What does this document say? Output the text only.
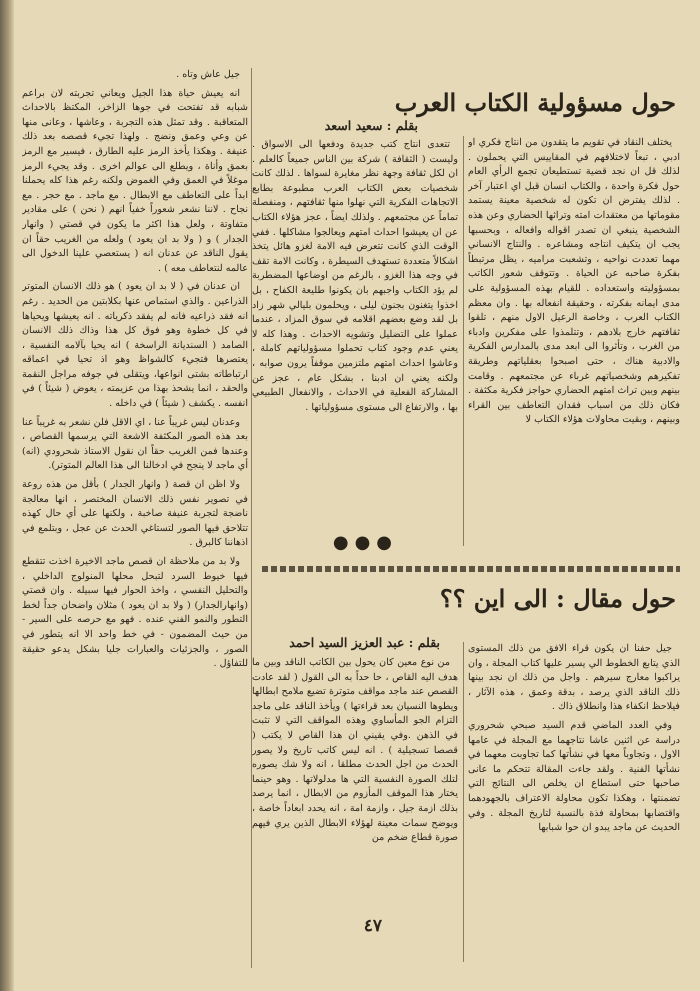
حول مسؤولية الكتاب العرب

يختلف النقاد في تقويم ما يتقدون من انتاج فكري او ادبي ، تبعاً لاختلافهم في المقاييس التي يحملون . لذلك قل ان نجد قضية تستطيعان تجمع الرأي العام حول فكرة واحدة ، والكتاب انسان قبل اي اعتبار آخر . لذلك يفترض ان تكون له شخصية معينة يستمد مقوماتها من معتقدات امته وتراثها الحضاري وعن هذه الشخصية ينبغي ان تصدر اقواله وافعاله ، وبحسبها يجب ان يتكيف انتاجه ومشاعره . والنتاج الانساني مهما تعددت نواحيه ، وتشعبت مراميه ، يظل مرتبطاً بفكرة صاحبه عن الحياة . وتتوقف شعور الكاتب بمسؤوليته واستعداده . للقيام بهذه المسؤولية على مدى ايمانه بفكرته ، وحقيقة انفعاله بها . وان معظم الكتاب العرب ، وخاصة الرعيل الاول منهم ، تلقوا ثقافتهم خارج بلادهم ، وتتلمذوا على مفكرين وادباء من الغرب ، وتأثروا الى ابعد مدى بالمدارس الفكرية والادبية هناك ، حتى اصبحوا بعقلياتهم وطريقة تفكيرهم وشخصياتهم غرباء عن مجتمعهم . وقامت بينهم وبين تراث امتهم الحضاري حواجز فكرية مكثفة . فكان ذلك من اسباب فقدان التعاطف بين القراء وبينهم ، وبقيت محاولات هؤلاء الكتاب لا

بقلم : سعيد اسعد

تتعدى انتاج كتب جديدة ودفعها الى الاسواق . وليست ( الثقافة ) شركة بين الناس جميعاً كالعلم . ان لكل ثقافة وجهة نظر مغايرة لسواها . لذلك كانت شخصيات بعض الكتاب العرب مطبوعة بطابع الاتجاهات الفكرية التي نهلوا منها ثقافتهم ، ومنفصلة تماماً عن مجتمعهم . ولذلك ايضاً ، عجز هؤلاء الكتاب عن ان يعيشوا احداث امتهم ويعالجوا مشاكلها . ففي الوقت الذي كانت تتعرض فيه الامة لغزو هائل يتخذ اشكالاً متعددة تستهدف السيطرة ، وكانت الامة تقف في وجه هذا الغزو ، بالرغم من اوضاعها المضطربة لم يؤد الكتاب واجبهم بان يكونوا طليعة الكفاح ، بل اخذوا يتغنون بجنون ليلى ، ويحلمون بليالي شهر زاد بل لقد وضع بعضهم اقلامه في سوق المزاد ، عندما عملوا على التضليل وتشويه الاحداث . وهذا كله لا يعني عدم وجود كتاب تحملوا مسؤولياتهم كاملة ، وعاشوا احداث امتهم ملتزمين موقفاً يرون صوابه ، ولكنه يعني ان ادبنا ، بشكل عام ، عجز عن المشاركة الفعلية في الاحداث ، والانفعال الطبيعي بها ، والارتفاع الى مستوى مسؤولياتها .

●●●

جيل عاش وتاه .

انه يعيش حياة هذا الجيل ويعاني تجربته لان براعم شبابه قد تفتحت في جوها الزاخر، المكتظ بالاحداث المتعاقبة . وقد تمثل هذه التجربة ، وعاشها ، وعانى منها عن وعي وعمق ونضج . ولهذا تجيء قصصه بعد ذلك عنيفة . وهكذا يأخذ الرمز عليه الطارق ، فيسير مع الرمز بعمق وأناة ، ويطلع الى عوالم اخرى . وقد يجيء الرمز موغلاً في العمق وفي الغموض ولكنه رغم هذا كله يحملنا ابداً على التعاطف مع الابطال . مع ماجد . مع حجر . مع نجاح . لاننا نشعر شعوراً خفياً انهم ( نحن ) على مقادير متفاوتة ، ولعل هذا اكثر ما يكون في قصتي ( وانهار الجدار ) و ( ولا بد ان يعود ) ولعله من الغريب حقاً ان يقول الناقد عن عدنان انه ( يستعصي علينا الدخول الى عالمه لنتعاطف معه ) .

ان عدنان في ( لا بد ان يعود ) هو ذلك الانسان المتوتر الذراعين . والذي استماص عنها بكلابتين من الحديد . رغم انه فقد ذراعيه فانه لم يفقد ذكرياته . انه يعيشها ويحياها في كل خطوة وهو فوق كل هذا وذاك ذلك الانسان الصامد ( السنديانة الراسخة ) انه يحيا بآلامه النفسية ، يعتصرها فتجيء كالشواظ وهو اذ تحيا في اعماقه ارتباطاته بشتى انواعها، ويتقلى في جوفه مراجل النقمة والحقد ، انما يشحذ بهذا من عزيمته ، يعوض ( شيئاً ) في انفسه . يكشف ( شيئاً ) في داخله .

وعدنان ليس غريباً عنا ، اي الاقل فلن نشعر به غريباً عنا بعد هذه الصور المكثفة الاشعة التي يرسمها القصاص ، وعندها فمن الغريب حقاً ان نقول الاستاذ شحرودي (انه) أي ماجد لا ينجح في ادخالنا الى هذا العالم المتوتر).

ولا اظن ان قصة ( وانهار الجدار ) بأقل من هذه روعة في تصوير نفس ذلك الانسان المختصر ، انها معالجة ناضجة لتجربة عنيفة صاخبة ، ولكنها على أي حال كهذه تتلاحق فيها الصور لتستاغي الحدث عن عجل ، وبتلمع في اذهاننا كالبرق .

ولا بد من ملاحظة ان قصص ماجد الاخيرة اخذت تتقطع فيها خيوط السرد لتبحل محلها المنولوج الداخلي ، والتحليل النفسي ، واخذ الحوار فيها سبيله . وان قصتي (وانهارالجدار) ( ولا بد ان يعود ) مثلان واضحان جداً لخط التطور والنمو الفني عنده . فهو مع حرصه على السير - من حيث المضمون - في خط واحد الا انه يتطور في الصور ، والجزئيات والعبارات جليا بشكل يدعو حقيقة للتفاؤل .

حول مقال : الى اين ؟؟
بقلم : عبد العزيز السيد احمد	جيل حفنا ان يكون قراء الافق من ذلك المستوى الذي يتابع الخطوط الي يسير عليها كتاب المجلة ، وان يراكبوا معارج سيرهم . واجل من ذلك ان نجد بينها ذلك الناقد الذي يرصد ، بدقة وعمق ، هذه الآثار ، فيلاحظ انكفاء هذا وانطلاق ذاك .

وفي العدد الماضي قدم السيد صبحي شحروري دراسة عن اثنين عاشا نتاجهما مع المجلة في عامها الاول ، وتجاوباً معها في نشأتها كما تجاوبت معهما في نشأتها الفنية . ولقد جاءت المقالة تتحكم ما عانى صاحبها حتى استطاع ان يخلص الى النتائج التي تضمنتها ، وهكذا تكون محاولة الاعتراف بالجهودهما واقتضابها بمحاولة فذة بالنسبة لتاريخ المجلة . وفي الحديث عن ماجد يبدو ان حوا شبابها

من نوع معين كان يحول بين الكاتب الناقد وبين ما هدف اليه القاص ، حا حداً به الى القول ( لقد عادت القصص عند ماجد مواقف متوترة تضيع ملامح ابطالها ويطوها النسيان بعد قراءتها ) ويأخذ الناقد على ماجد التزام الجو المأساوي وهذه المواقف التي لا تثبت في الذهن .وفي يقيني ان هذا القاص لا يكتب ( قصصا تسجيلية ) . انه ليس كاتب تاريخ ولا يصور الحدث من اجل الحدث مطلقا ، انه ولا شك يصوره لتلك الصورة النفسية التي ها مدلولاتها . وهو حينما يختار هذا الموقف المأزوم من الابطال ، انما يرصد بذلك ازمة جيل ، وازمة امة ، انه يحدد ابعاداً خاصة ، ويوضح سمات معينة لهؤلاء الابطال الذين يري فيهم صورة قطاع ضخم من

٤٧
